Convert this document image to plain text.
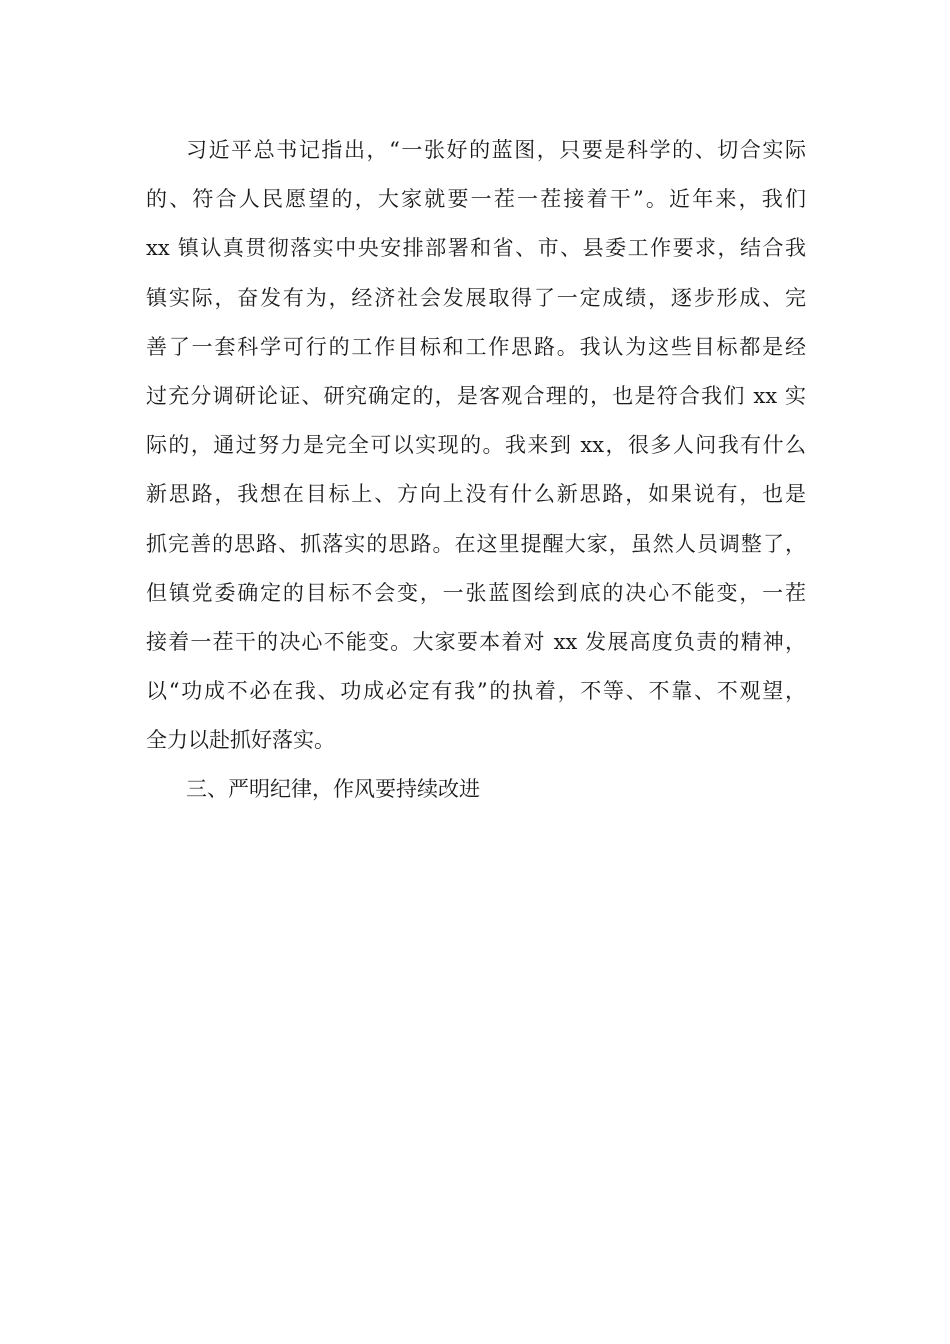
习近平总书记指出，“一张好的蓝图，只要是科学的、切合实际
的、符合人民愿望的，大家就要一茬一茬接着干”。近年来，我们
xx 镇认真贯彻落实中央安排部署和省、市、县委工作要求，结合我
镇实际，奋发有为，经济社会发展取得了一定成绩，逐步形成、完
善了一套科学可行的工作目标和工作思路。我认为这些目标都是经
过充分调研论证、研究确定的，是客观合理的，也是符合我们 xx 实
际的，通过努力是完全可以实现的。我来到 xx，很多人问我有什么
新思路，我想在目标上、方向上没有什么新思路，如果说有，也是
抓完善的思路、抓落实的思路。在这里提醒大家，虽然人员调整了，
但镇党委确定的目标不会变，一张蓝图绘到底的决心不能变，一茬
接着一茬干的决心不能变。大家要本着对 xx 发展高度负责的精神，
以“功成不必在我、功成必定有我”的执着，不等、不靠、不观望，
全力以赴抓好落实。
三、严明纪律，作风要持续改进
